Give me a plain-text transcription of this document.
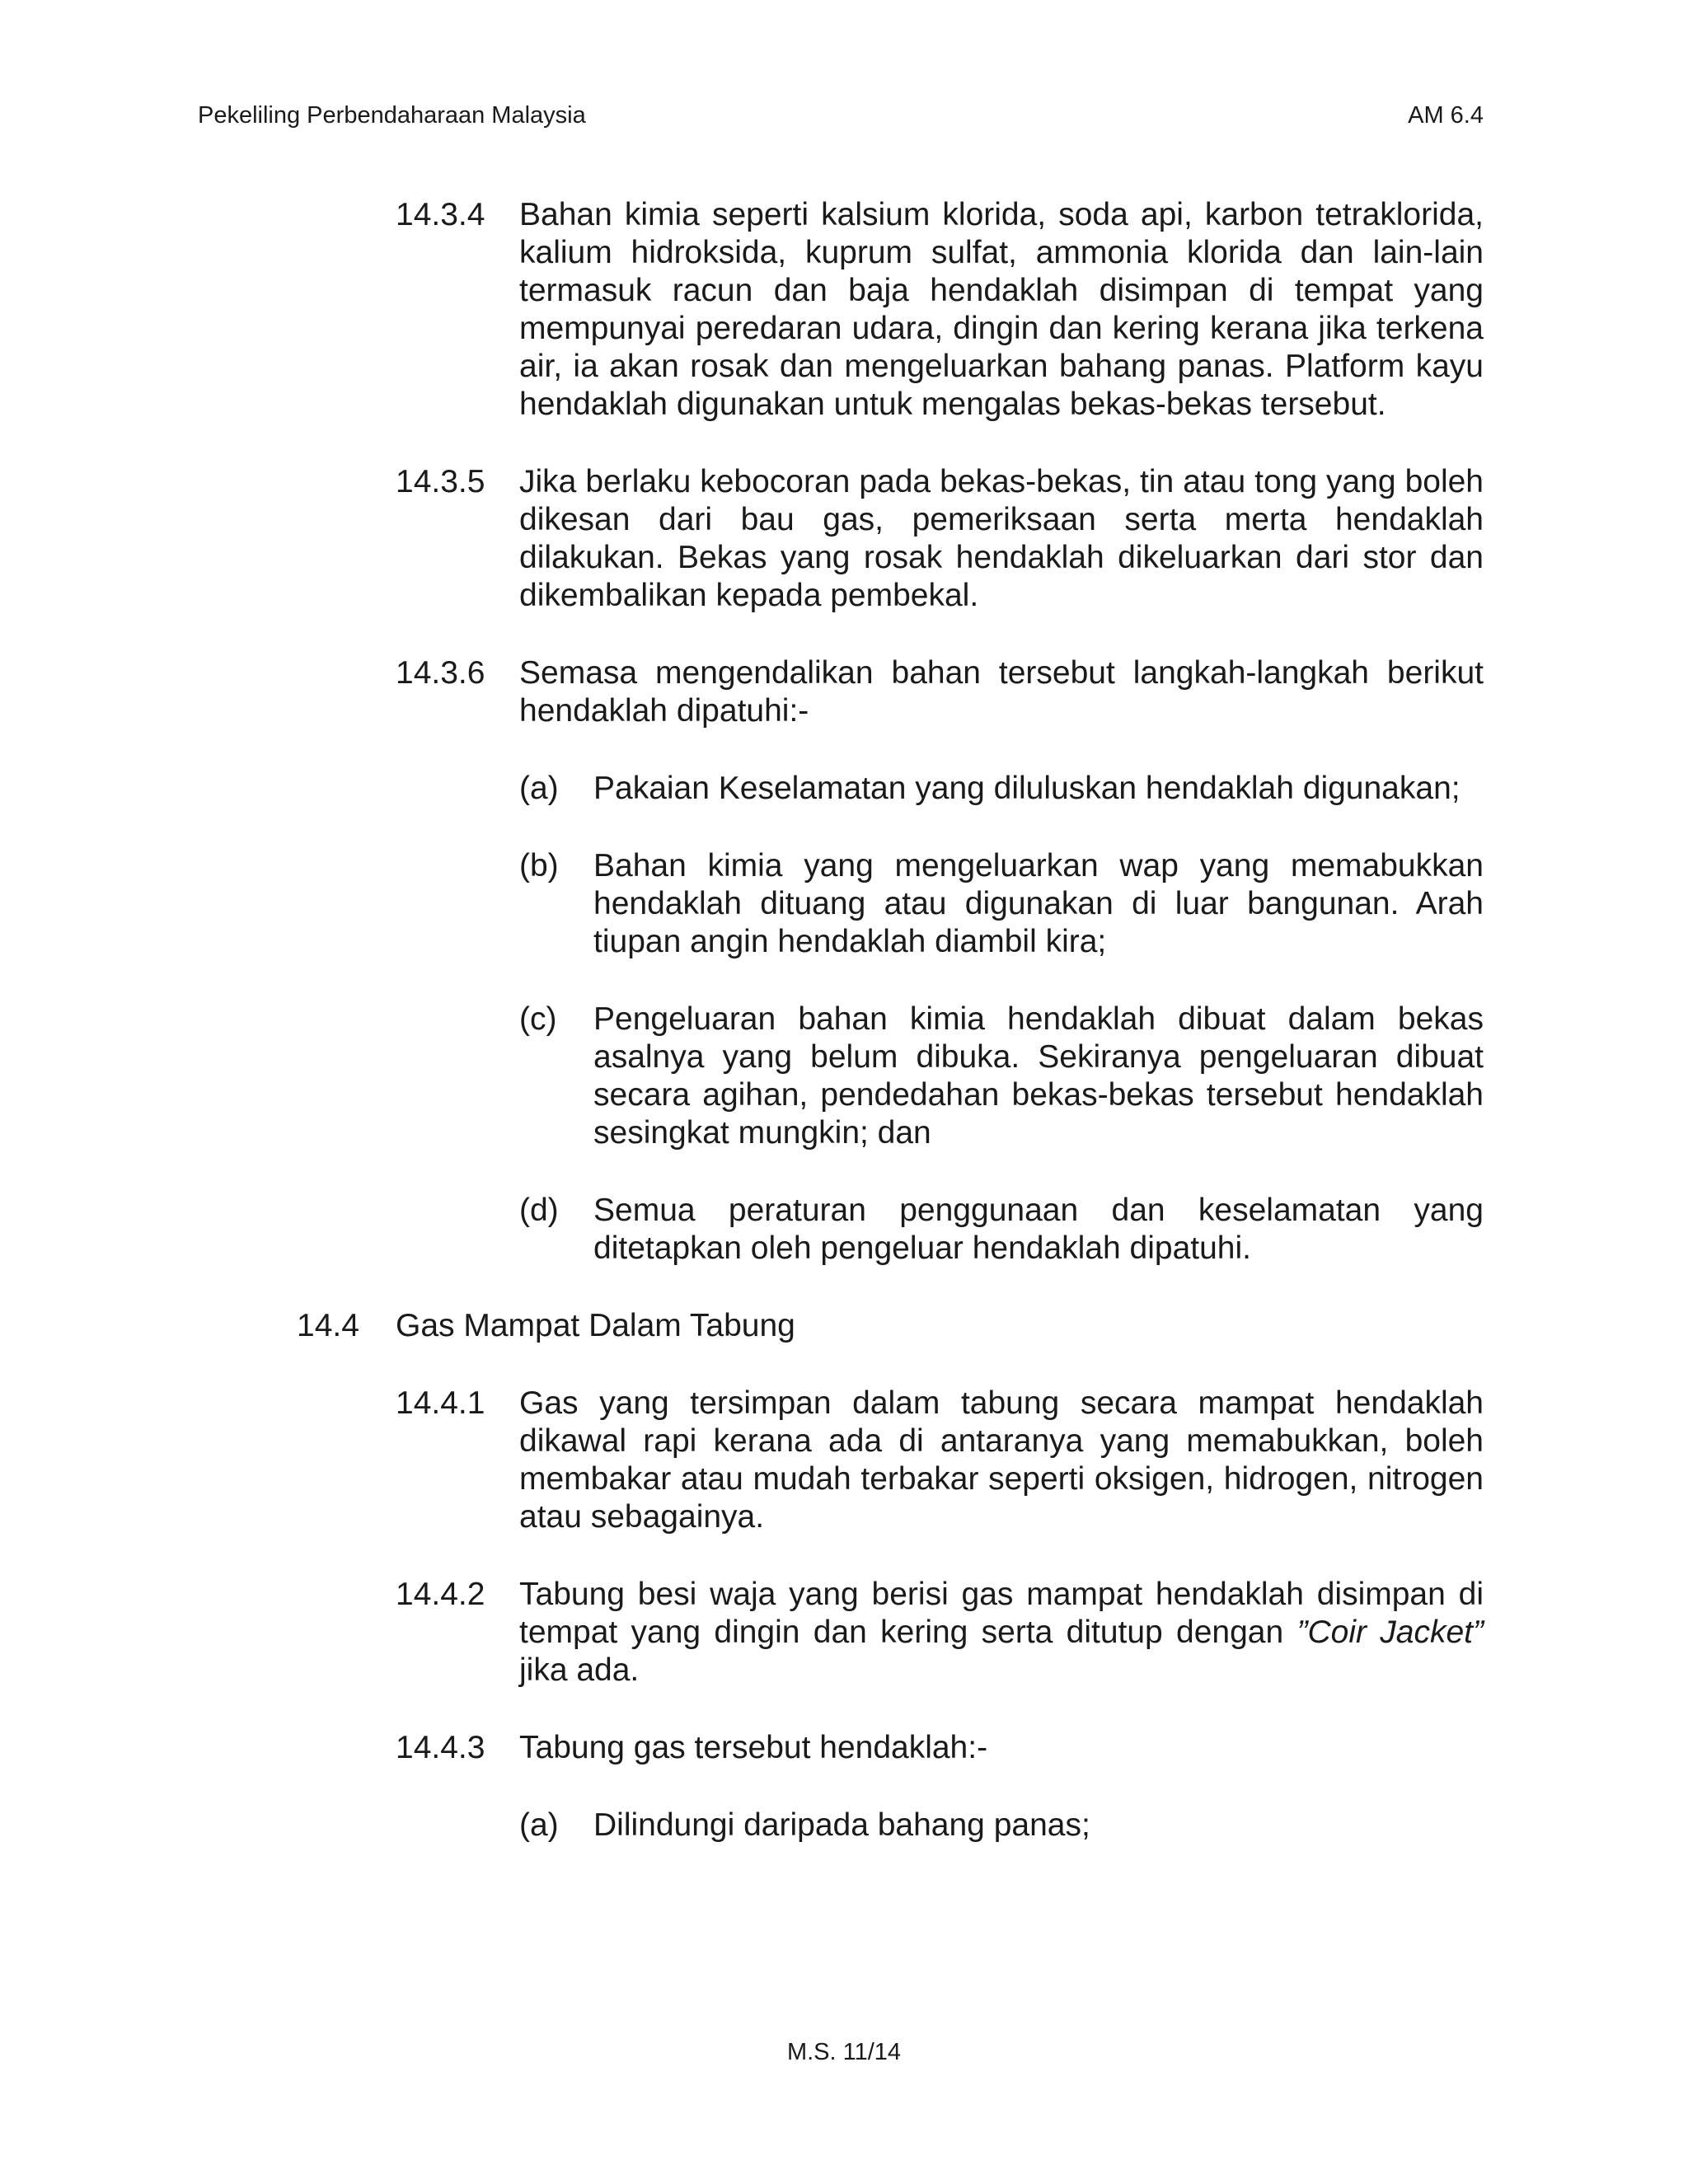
Pekeliling Perbendaharaan Malaysia	AM 6.4
14.3.4 Bahan kimia seperti kalsium klorida, soda api, karbon tetraklorida, kalium hidroksida, kuprum sulfat, ammonia klorida dan lain-lain termasuk racun dan baja hendaklah disimpan di tempat yang mempunyai peredaran udara, dingin dan kering kerana jika terkena air, ia akan rosak dan mengeluarkan bahang panas. Platform kayu hendaklah digunakan untuk mengalas bekas-bekas tersebut.
14.3.5 Jika berlaku kebocoran pada bekas-bekas, tin atau tong yang boleh dikesan dari bau gas, pemeriksaan serta merta hendaklah dilakukan. Bekas yang rosak hendaklah dikeluarkan dari stor dan dikembalikan kepada pembekal.
14.3.6 Semasa mengendalikan bahan tersebut langkah-langkah berikut hendaklah dipatuhi:-
(a) Pakaian Keselamatan yang diluluskan hendaklah digunakan;
(b) Bahan kimia yang mengeluarkan wap yang memabukkan hendaklah dituang atau digunakan di luar bangunan. Arah tiupan angin hendaklah diambil kira;
(c) Pengeluaran bahan kimia hendaklah dibuat dalam bekas asalnya yang belum dibuka. Sekiranya pengeluaran dibuat secara agihan, pendedahan bekas-bekas tersebut hendaklah sesingkat mungkin; dan
(d) Semua peraturan penggunaan dan keselamatan yang ditetapkan oleh pengeluar hendaklah dipatuhi.
14.4 Gas Mampat Dalam Tabung
14.4.1 Gas yang tersimpan dalam tabung secara mampat hendaklah dikawal rapi kerana ada di antaranya yang memabukkan, boleh membakar atau mudah terbakar seperti oksigen, hidrogen, nitrogen atau sebagainya.
14.4.2 Tabung besi waja yang berisi gas mampat hendaklah disimpan di tempat yang dingin dan kering serta ditutup dengan ”Coir Jacket” jika ada.
14.4.3 Tabung gas tersebut hendaklah:-
(a) Dilindungi daripada bahang panas;
M.S. 11/14
